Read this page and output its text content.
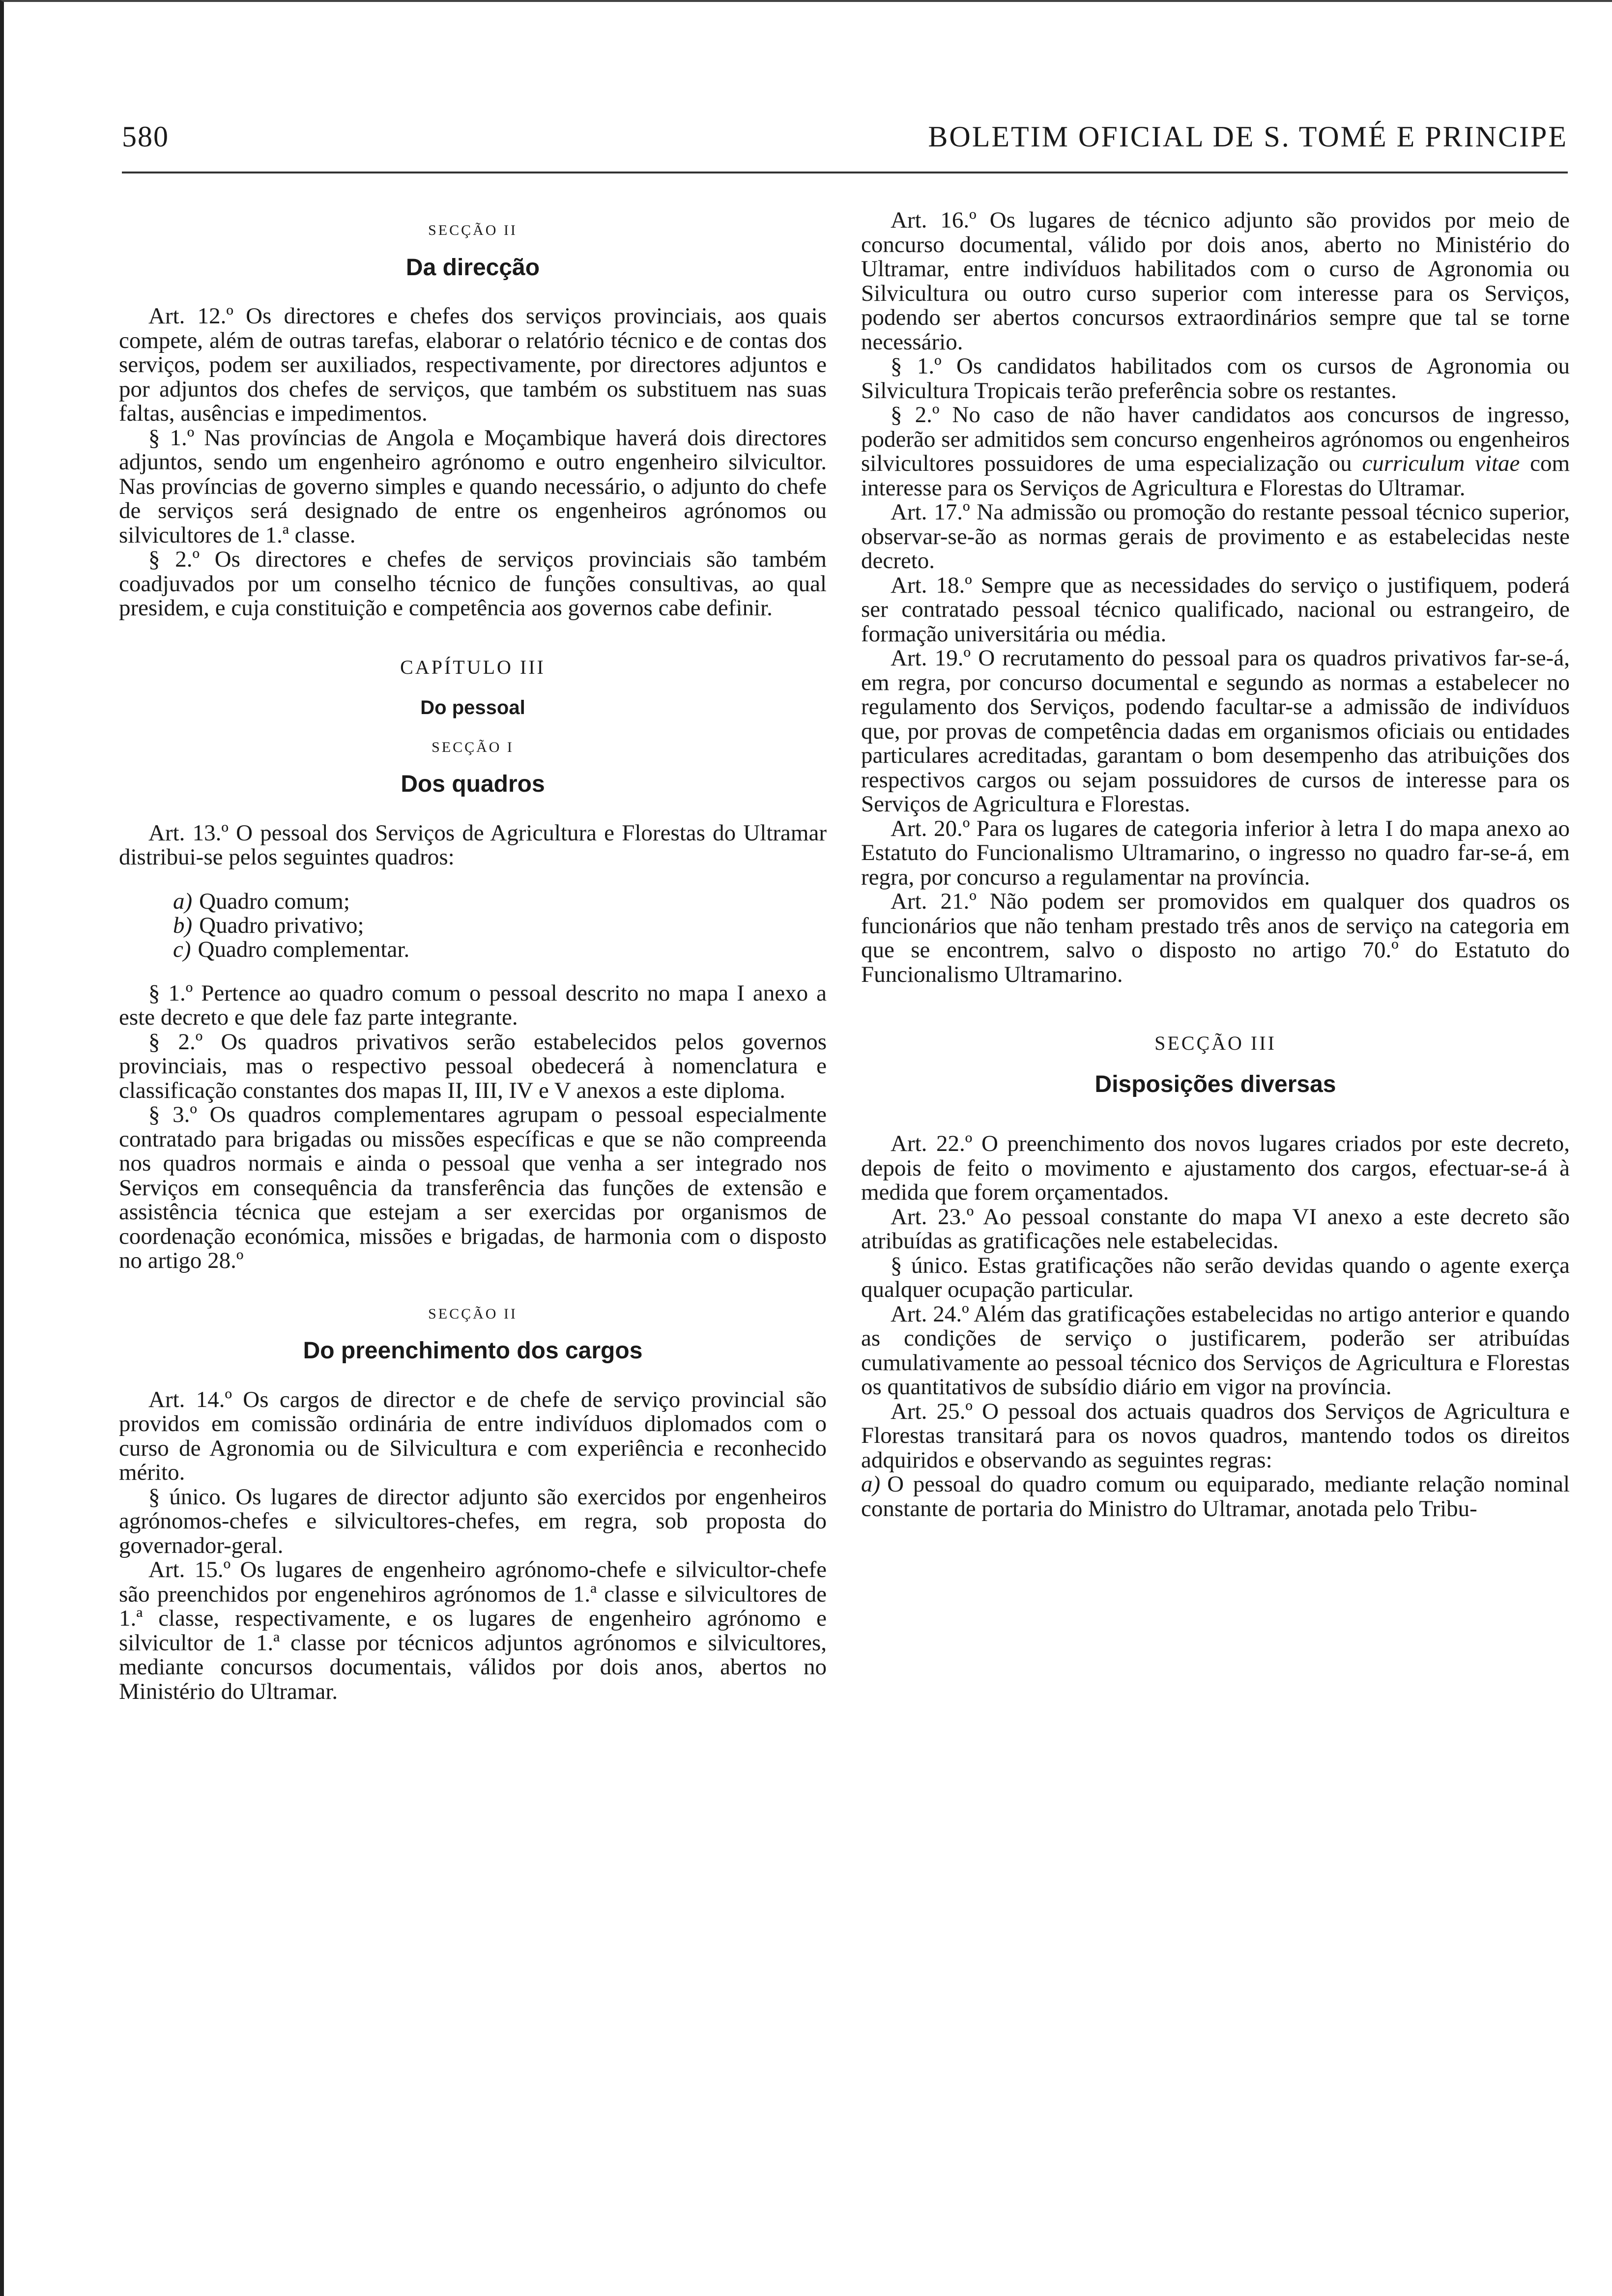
580	BOLETIM OFICIAL DE S. TOMÉ E PRINCIPE
SECÇÃO II
Da direcção

Art. 12.º Os directores e chefes dos serviços provinciais, aos quais compete, além de outras tarefas, elaborar o relatório técnico e de contas dos serviços, podem ser auxiliados, respectivamente, por directores adjuntos e por adjuntos dos chefes de serviços, que também os substituem nas suas faltas, ausências e impedimentos.

§ 1.º Nas províncias de Angola e Moçambique haverá dois directores adjuntos, sendo um engenheiro agrónomo e outro engenheiro silvicultor. Nas províncias de governo simples e quando necessário, o adjunto do chefe de serviços será designado de entre os engenheiros agrónomos ou silvicultores de 1.ª classe.

§ 2.º Os directores e chefes de serviços provinciais são também coadjuvados por um conselho técnico de funções consultivas, ao qual presidem, e cuja constituição e competência aos governos cabe definir.

CAPÍTULO III
Do pessoal
SECÇÃO I
Dos quadros

Art. 13.º O pessoal dos Serviços de Agricultura e Florestas do Ultramar distribui-se pelos seguintes quadros:

a) Quadro comum;
b) Quadro privativo;
c) Quadro complementar.

§ 1.º Pertence ao quadro comum o pessoal descrito no mapa I anexo a este decreto e que dele faz parte integrante.

§ 2.º Os quadros privativos serão estabelecidos pelos governos provinciais, mas o respectivo pessoal obedecerá à nomenclatura e classificação constantes dos mapas II, III, IV e V anexos a este diploma.

§ 3.º Os quadros complementares agrupam o pessoal especialmente contratado para brigadas ou missões específicas e que se não compreenda nos quadros normais e ainda o pessoal que venha a ser integrado nos Serviços em consequência da transferência das funções de extensão e assistência técnica que estejam a ser exercidas por organismos de coordenação económica, missões e brigadas, de harmonia com o disposto no artigo 28.º

SECÇÃO II
Do preenchimento dos cargos

Art. 14.º Os cargos de director e de chefe de serviço provincial são providos em comissão ordinária de entre indivíduos diplomados com o curso de Agronomia ou de Silvicultura e com experiência e reconhecido mérito.

§ único. Os lugares de director adjunto são exercidos por engenheiros agrónomos-chefes e silvicultores-chefes, em regra, sob proposta do governador-geral.

Art. 15.º Os lugares de engenheiro agrónomo-chefe e silvicultor-chefe são preenchidos por engenehiros agrónomos de 1.ª classe e silvicultores de 1.ª classe, respectivamente, e os lugares de engenheiro agrónomo e silvicultor de 1.ª classe por técnicos adjuntos agrónomos e silvicultores, mediante concursos documentais, válidos por dois anos, abertos no Ministério do Ultramar.

Art. 16.º Os lugares de técnico adjunto são providos por meio de concurso documental, válido por dois anos, aberto no Ministério do Ultramar, entre indivíduos habilitados com o curso de Agronomia ou Silvicultura ou outro curso superior com interesse para os Serviços, podendo ser abertos concursos extraordinários sempre que tal se torne necessário.

§ 1.º Os candidatos habilitados com os cursos de Agronomia ou Silvicultura Tropicais terão preferência sobre os restantes.

§ 2.º No caso de não haver candidatos aos concursos de ingresso, poderão ser admitidos sem concurso engenheiros agrónomos ou engenheiros silvicultores possuidores de uma especialização ou curriculum vitae com interesse para os Serviços de Agricultura e Florestas do Ultramar.

Art. 17.º Na admissão ou promoção do restante pessoal técnico superior, observar-se-ão as normas gerais de provimento e as estabelecidas neste decreto.

Art. 18.º Sempre que as necessidades do serviço o justifiquem, poderá ser contratado pessoal técnico qualificado, nacional ou estrangeiro, de formação universitária ou média.

Art. 19.º O recrutamento do pessoal para os quadros privativos far-se-á, em regra, por concurso documental e segundo as normas a estabelecer no regulamento dos Serviços, podendo facultar-se a admissão de indivíduos que, por provas de competência dadas em organismos oficiais ou entidades particulares acreditadas, garantam o bom desempenho das atribuições dos respectivos cargos ou sejam possuidores de cursos de interesse para os Serviços de Agricultura e Florestas.

Art. 20.º Para os lugares de categoria inferior à letra I do mapa anexo ao Estatuto do Funcionalismo Ultramarino, o ingresso no quadro far-se-á, em regra, por concurso a regulamentar na província.

Art. 21.º Não podem ser promovidos em qualquer dos quadros os funcionários que não tenham prestado três anos de serviço na categoria em que se encontrem, salvo o disposto no artigo 70.º do Estatuto do Funcionalismo Ultramarino.

SECÇÃO III
Disposições diversas

Art. 22.º O preenchimento dos novos lugares criados por este decreto, depois de feito o movimento e ajustamento dos cargos, efectuar-se-á à medida que forem orçamentados.

Art. 23.º Ao pessoal constante do mapa VI anexo a este decreto são atribuídas as gratificações nele estabelecidas.

§ único. Estas gratificações não serão devidas quando o agente exerça qualquer ocupação particular.

Art. 24.º Além das gratificações estabelecidas no artigo anterior e quando as condições de serviço o justificarem, poderão ser atribuídas cumulativamente ao pessoal técnico dos Serviços de Agricultura e Florestas os quantitativos de subsídio diário em vigor na província.

Art. 25.º O pessoal dos actuais quadros dos Serviços de Agricultura e Florestas transitará para os novos quadros, mantendo todos os direitos adquiridos e observando as seguintes regras:

a) O pessoal do quadro comum ou equiparado, mediante relação nominal constante de portaria do Ministro do Ultramar, anotada pelo Tribu-
